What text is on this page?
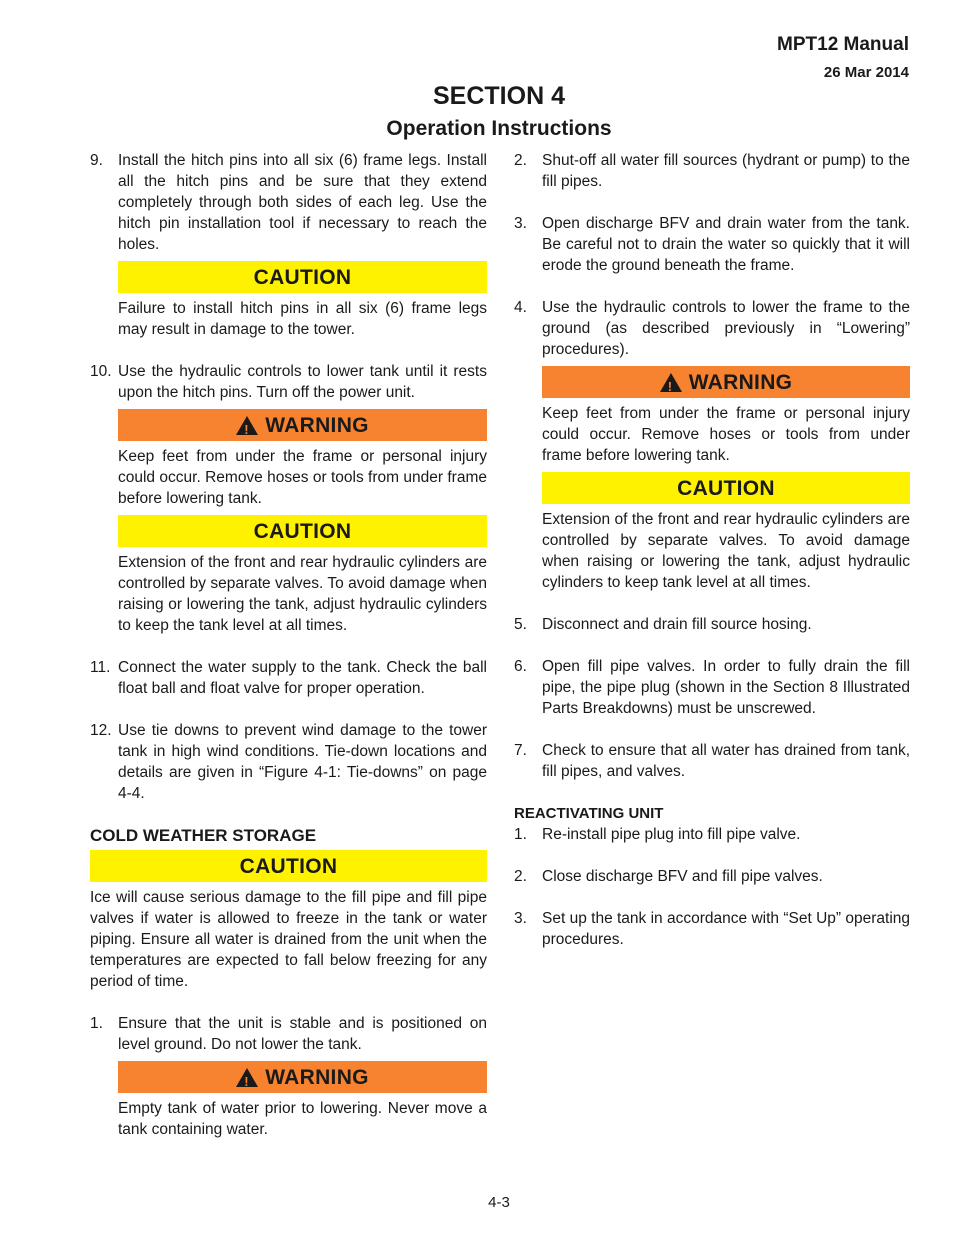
MPT12 Manual
26 Mar 2014
SECTION 4
Operation Instructions
9. Install the hitch pins into all six (6) frame legs. Install all the hitch pins and be sure that they extend completely through both sides of each leg. Use the hitch pin installation tool if necessary to reach the holes.
CAUTION
Failure to install hitch pins in all six (6) frame legs may result in damage to the tower.
10. Use the hydraulic controls to lower tank until it rests upon the hitch pins. Turn off the power unit.
! WARNING
Keep feet from under the frame or personal injury could occur. Remove hoses or tools from under frame before lowering tank.
CAUTION
Extension of the front and rear hydraulic cylinders are controlled by separate valves. To avoid damage when raising or lowering the tank, adjust hydraulic cylinders to keep the tank level at all times.
11. Connect the water supply to the tank. Check the ball float ball and float valve for proper operation.
12. Use tie downs to prevent wind damage to the tower tank in high wind conditions. Tie-down locations and details are given in “Figure 4-1: Tie-downs” on page 4-4.

COLD WEATHER STORAGE

CAUTION

Ice will cause serious damage to the fill pipe and fill pipe valves if water is allowed to freeze in the tank or water piping. Ensure all water is drained from the unit when the temperatures are expected to fall below freezing for any period of time.

1. Ensure that the unit is stable and is positioned on level ground. Do not lower the tank.
! WARNING
Empty tank of water prior to lowering. Never move a tank containing water.
2. Shut-off all water fill sources (hydrant or pump) to the fill pipes.
3. Open discharge BFV and drain water from the tank. Be careful not to drain the water so quickly that it will erode the ground beneath the frame.
4. Use the hydraulic controls to lower the frame to the ground (as described previously in “Lowering” procedures).
! WARNING
Keep feet from under the frame or personal injury could occur. Remove hoses or tools from under frame before lowering tank.
CAUTION
Extension of the front and rear hydraulic cylinders are controlled by separate valves. To avoid damage when raising or lowering the tank, adjust hydraulic cylinders to keep tank level at all times.
5. Disconnect and drain fill source hosing.
6. Open fill pipe valves. In order to fully drain the fill pipe, the pipe plug (shown in the Section 8 Illustrated Parts Breakdowns) must be unscrewed.
7. Check to ensure that all water has drained from tank, fill pipes, and valves.

REACTIVATING UNIT

1. Re-install pipe plug into fill pipe valve.
2. Close discharge BFV and fill pipe valves.
3. Set up the tank in accordance with “Set Up” operating procedures.
4-3
